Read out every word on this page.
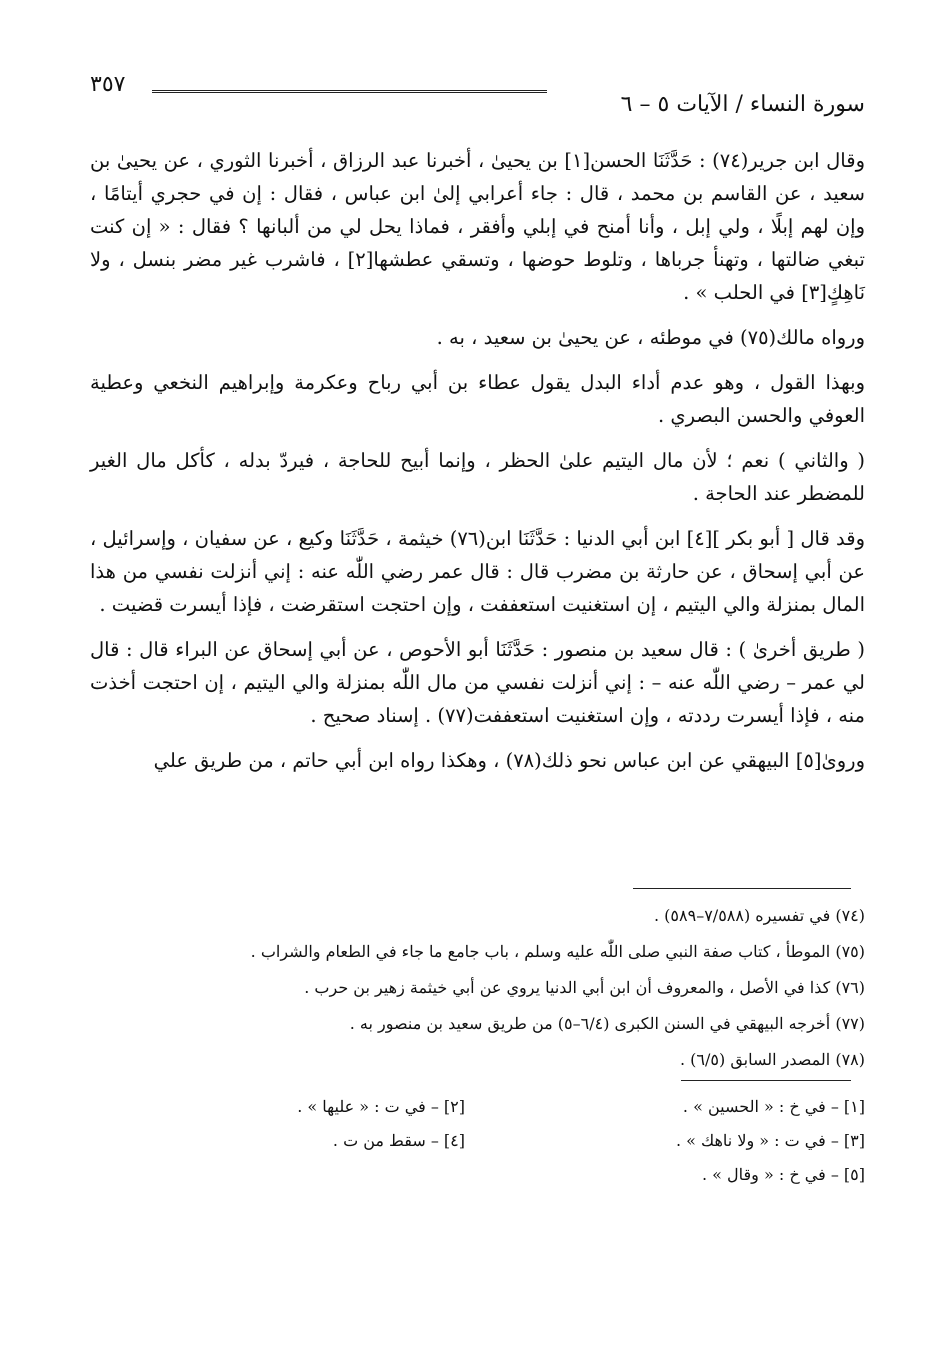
سورة النساء / الآيات ٥ – ٦
٣٥٧

وقال ابن جرير(٧٤) : حَدَّثَنَا الحسن[١] بن يحيىٰ ، أخبرنا عبد الرزاق ، أخبرنا الثوري ، عن يحيىٰ بن سعيد ، عن القاسم بن محمد ، قال : جاء أعرابي إلىٰ ابن عباس ، فقال : إن في حجري أيتامًا ، وإن لهم إبلًا ، ولي إبل ، وأنا أمنح في إبلي وأفقر ، فماذا يحل لي من ألبانها ؟ فقال : « إن كنت تبغي ضالتها ، وتهنأ جرباها ، وتلوط حوضها ، وتسقي عطشها[٢] ، فاشرب غير مضر بنسل ، ولا نَاهِكٍ[٣] في الحلب » .

ورواه مالك(٧٥) في موطئه ، عن يحيىٰ بن سعيد ، به .

وبهذا القول ، وهو عدم أداء البدل يقول عطاء بن أبي رباح وعكرمة وإبراهيم النخعي وعطية العوفي والحسن البصري .

( والثاني ) نعم ؛ لأن مال اليتيم علىٰ الحظر ، وإنما أبيح للحاجة ، فيردّ بدله ، كأكل مال الغير للمضطر عند الحاجة .

وقد قال [ أبو بكر ][٤] ابن أبي الدنيا : حَدَّثَنَا ابن(٧٦) خيثمة ، حَدَّثَنَا وكيع ، عن سفيان ، وإسرائيل ، عن أبي إسحاق ، عن حارثة بن مضرب قال : قال عمر رضي اللّٰه عنه : إني أنزلت نفسي من هذا المال بمنزلة والي اليتيم ، إن استغنيت استعففت ، وإن احتجت استقرضت ، فإذا أيسرت قضيت .

( طريق أخرىٰ ) : قال سعيد بن منصور : حَدَّثَنَا أبو الأحوص ، عن أبي إسحاق عن البراء قال : قال لي عمر – رضي اللّٰه عنه – : إني أنزلت نفسي من مال اللّٰه بمنزلة والي اليتيم ، إن احتجت أخذت منه ، فإذا أيسرت رددته ، وإن استغنيت استعففت(٧٧) . إسناد صحيح .

وروىٰ[٥] البيهقي عن ابن عباس نحو ذلك(٧٨) ، وهكذا رواه ابن أبي حاتم ، من طريق علي

(٧٤) في تفسيره (٧/٥٨٨–٥٨٩) .
(٧٥) الموطأ ، كتاب صفة النبي صلى اللّٰه عليه وسلم ، باب جامع ما جاء في الطعام والشراب .
(٧٦) كذا في الأصل ، والمعروف أن ابن أبي الدنيا يروي عن أبي خيثمة زهير بن حرب .
(٧٧) أخرجه البيهقي في السنن الكبرى (٦/٤–٥) من طريق سعيد بن منصور به .
(٧٨) المصدر السابق (٦/٥) .
[١] – في خ : « الحسين » .
[٣] – في ت : « ولا ناهك » .
[٥] – في خ : « وقال » .
[٢] – في ت : « عليها » .
[٤] – سقط من ت .
